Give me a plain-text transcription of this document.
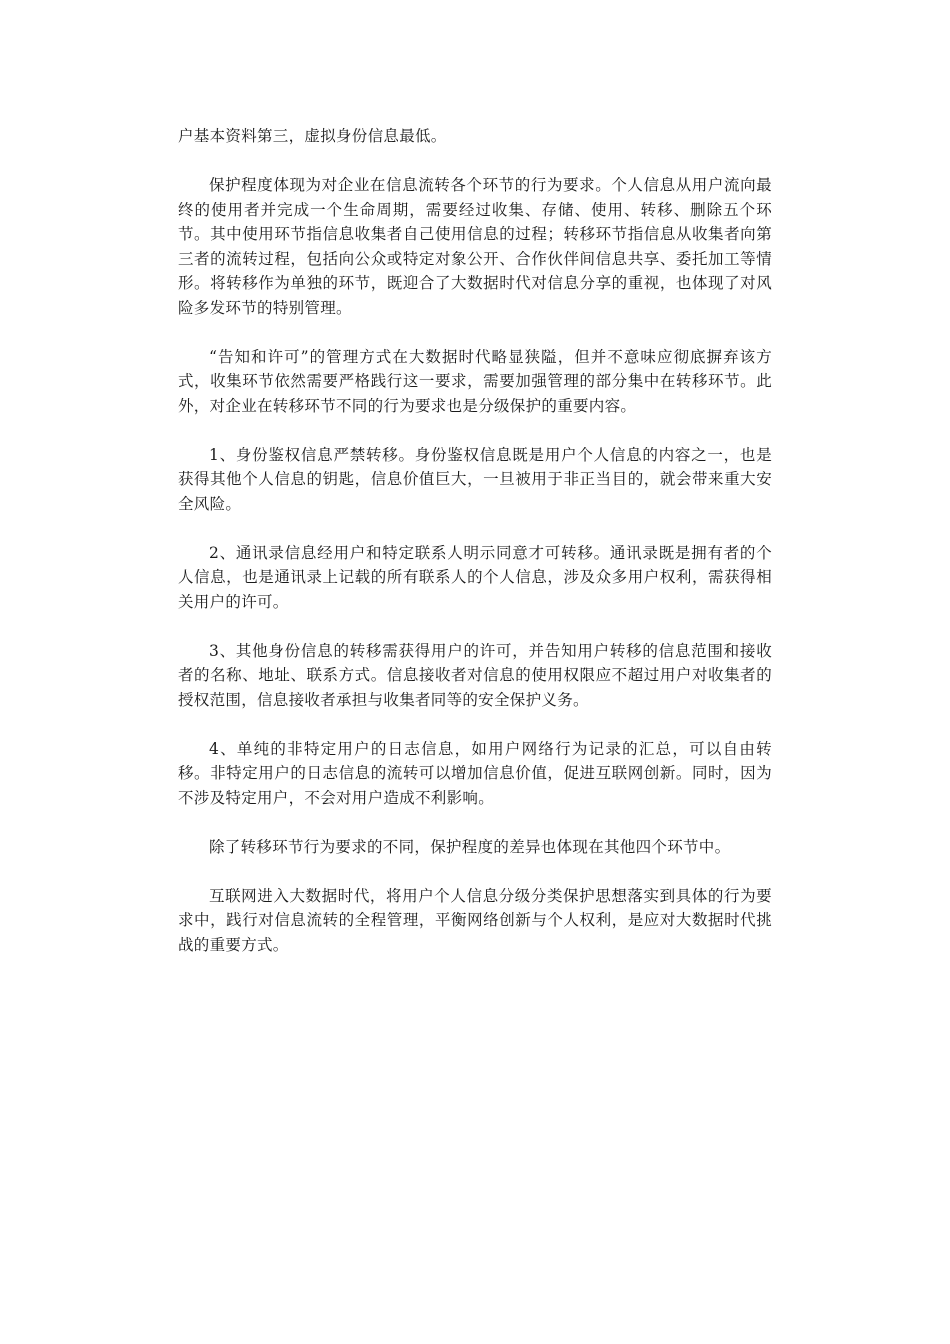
户基本资料第三，虚拟身份信息最低。

保护程度体现为对企业在信息流转各个环节的行为要求。个人信息从用户流向最终的使用者并完成一个生命周期，需要经过收集、存储、使用、转移、删除五个环节。其中使用环节指信息收集者自己使用信息的过程；转移环节指信息从收集者向第三者的流转过程，包括向公众或特定对象公开、合作伙伴间信息共享、委托加工等情形。将转移作为单独的环节，既迎合了大数据时代对信息分享的重视，也体现了对风险多发环节的特别管理。

“告知和许可”的管理方式在大数据时代略显狭隘，但并不意味应彻底摒弃该方式，收集环节依然需要严格践行这一要求，需要加强管理的部分集中在转移环节。此外，对企业在转移环节不同的行为要求也是分级保护的重要内容。

1、身份鉴权信息严禁转移。身份鉴权信息既是用户个人信息的内容之一，也是获得其他个人信息的钥匙，信息价值巨大，一旦被用于非正当目的，就会带来重大安全风险。

2、通讯录信息经用户和特定联系人明示同意才可转移。通讯录既是拥有者的个人信息，也是通讯录上记载的所有联系人的个人信息，涉及众多用户权利，需获得相关用户的许可。

3、其他身份信息的转移需获得用户的许可，并告知用户转移的信息范围和接收者的名称、地址、联系方式。信息接收者对信息的使用权限应不超过用户对收集者的授权范围，信息接收者承担与收集者同等的安全保护义务。

4、单纯的非特定用户的日志信息，如用户网络行为记录的汇总，可以自由转移。非特定用户的日志信息的流转可以增加信息价值，促进互联网创新。同时，因为不涉及特定用户，不会对用户造成不利影响。

除了转移环节行为要求的不同，保护程度的差异也体现在其他四个环节中。

互联网进入大数据时代，将用户个人信息分级分类保护思想落实到具体的行为要求中，践行对信息流转的全程管理，平衡网络创新与个人权利，是应对大数据时代挑战的重要方式。
